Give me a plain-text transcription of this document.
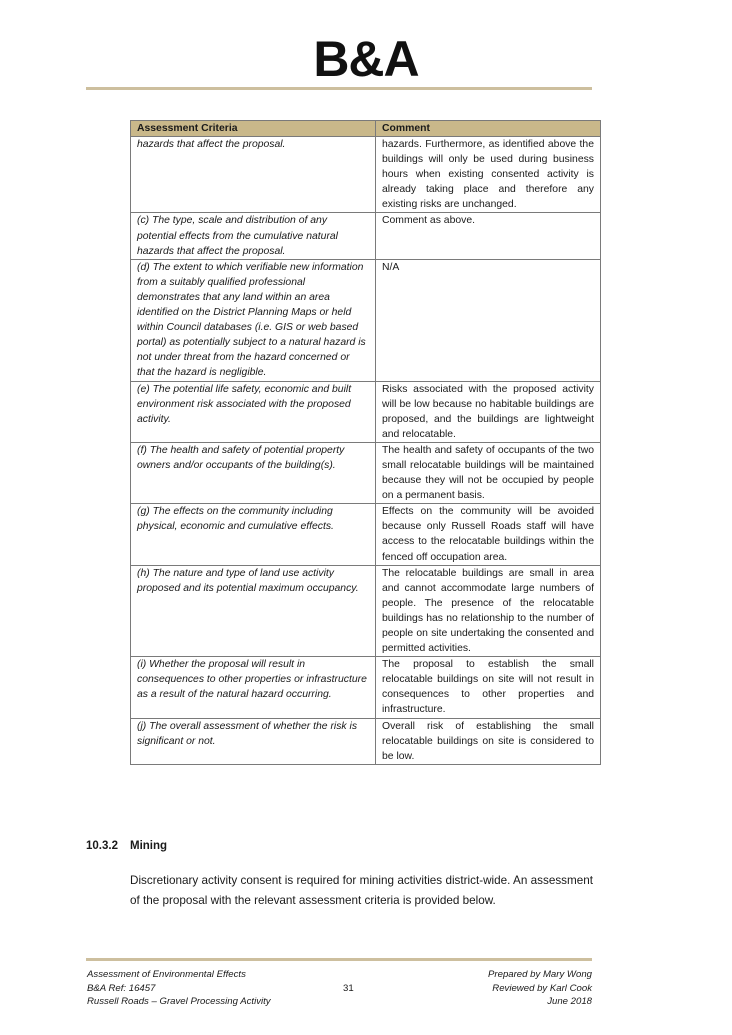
B&A
Assessment Criteria	Comment
hazards that affect the proposal.	hazards. Furthermore, as identified above the buildings will only be used during business hours when existing consented activity is already taking place and therefore any existing risks are unchanged.
(c) The type, scale and distribution of any potential effects from the cumulative natural hazards that affect the proposal.	Comment as above.
(d) The extent to which verifiable new information from a suitably qualified professional demonstrates that any land within an area identified on the District Planning Maps or held within Council databases (i.e. GIS or web based portal) as potentially subject to a natural hazard is not under threat from the hazard concerned or that the hazard is negligible.	N/A
(e) The potential life safety, economic and built environment risk associated with the proposed activity.	Risks associated with the proposed activity will be low because no habitable buildings are proposed, and the buildings are lightweight and relocatable.
(f) The health and safety of potential property owners and/or occupants of the building(s).	The health and safety of occupants of the two small relocatable buildings will be maintained because they will not be occupied by people on a permanent basis.
(g) The effects on the community including physical, economic and cumulative effects.	Effects on the community will be avoided because only Russell Roads staff will have access to the relocatable buildings within the fenced off occupation area.
(h) The nature and type of land use activity proposed and its potential maximum occupancy.	The relocatable buildings are small in area and cannot accommodate large numbers of people. The presence of the relocatable buildings has no relationship to the number of people on site undertaking the consented and permitted activities.
(i) Whether the proposal will result in consequences to other properties or infrastructure as a result of the natural hazard occurring.	The proposal to establish the small relocatable buildings on site will not result in consequences to other properties and infrastructure.
(j) The overall assessment of whether the risk is significant or not.	Overall risk of establishing the small relocatable buildings on site is considered to be low.
10.3.2 Mining
Discretionary activity consent is required for mining activities district-wide. An assessment of the proposal with the relevant assessment criteria is provided below.
Assessment of Environmental Effects
B&A Ref: 16457
Russell Roads – Gravel Processing Activity
31
Prepared by Mary Wong
Reviewed by Karl Cook
June 2018
